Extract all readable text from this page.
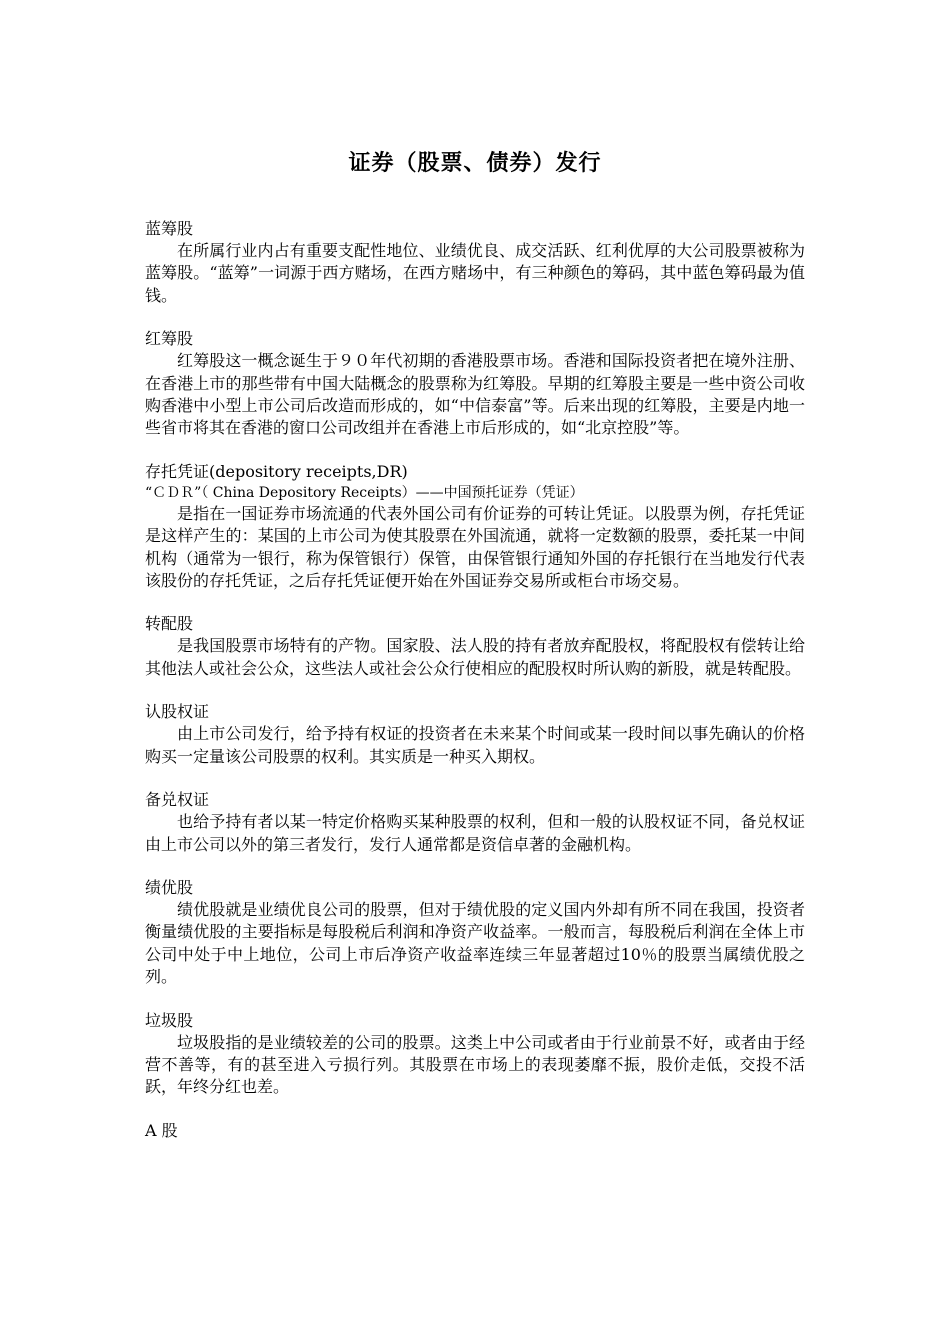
证券（股票、债券）发行
蓝筹股

在所属行业内占有重要支配性地位、业绩优良、成交活跃、红利优厚的大公司股票被称为蓝筹股。“蓝筹”一词源于西方赌场，在西方赌场中，有三种颜色的筹码，其中蓝色筹码最为值钱。

红筹股

红筹股这一概念诞生于９０年代初期的香港股票市场。香港和国际投资者把在境外注册、在香港上市的那些带有中国大陆概念的股票称为红筹股。早期的红筹股主要是一些中资公司收购香港中小型上市公司后改造而形成的，如“中信泰富”等。后来出现的红筹股，主要是内地一些省市将其在香港的窗口公司改组并在香港上市后形成的，如“北京控股”等。

存托凭证(depository receipts,DR)
“ＣＤＲ”（ China Depository Receipts）——中国预托证券（凭证）

是指在一国证券市场流通的代表外国公司有价证券的可转让凭证。以股票为例，存托凭证是这样产生的：某国的上市公司为使其股票在外国流通，就将一定数额的股票，委托某一中间机构（通常为一银行，称为保管银行）保管，由保管银行通知外国的存托银行在当地发行代表该股份的存托凭证，之后存托凭证便开始在外国证券交易所或柜台市场交易。

转配股

是我国股票市场特有的产物。国家股、法人股的持有者放弃配股权，将配股权有偿转让给其他法人或社会公众，这些法人或社会公众行使相应的配股权时所认购的新股，就是转配股。

认股权证

由上市公司发行，给予持有权证的投资者在未来某个时间或某一段时间以事先确认的价格购买一定量该公司股票的权利。其实质是一种买入期权。

备兑权证

也给予持有者以某一特定价格购买某种股票的权利，但和一般的认股权证不同，备兑权证由上市公司以外的第三者发行，发行人通常都是资信卓著的金融机构。

绩优股

绩优股就是业绩优良公司的股票，但对于绩优股的定义国内外却有所不同在我国，投资者衡量绩优股的主要指标是每股税后利润和净资产收益率。一般而言，每股税后利润在全体上市公司中处于中上地位，公司上市后净资产收益率连续三年显著超过10％的股票当属绩优股之列。

垃圾股

垃圾股指的是业绩较差的公司的股票。这类上中公司或者由于行业前景不好，或者由于经营不善等，有的甚至进入亏损行列。其股票在市场上的表现萎靡不振，股价走低，交投不活跃，年终分红也差。

A 股
